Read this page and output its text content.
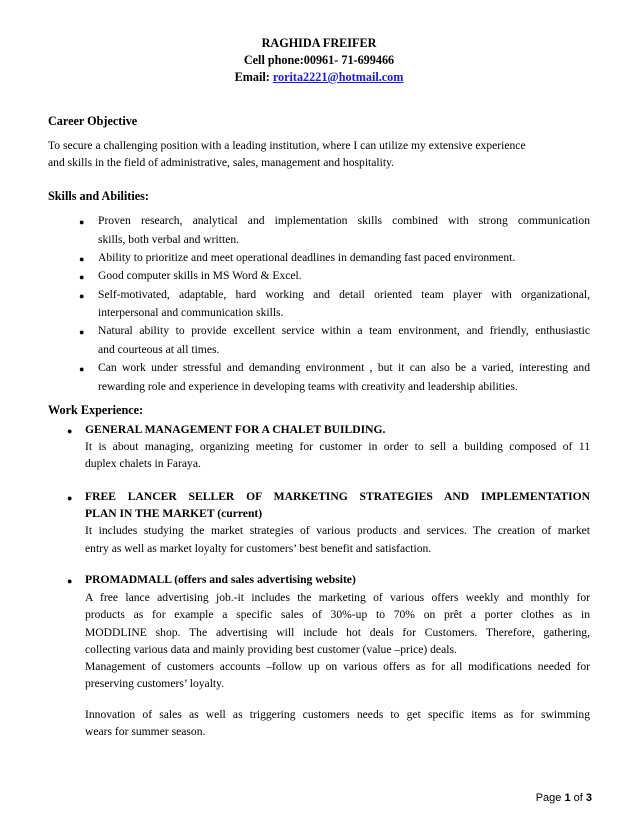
RAGHIDA FREIFER
Cell phone:00961- 71-699466
Email: rorita2221@hotmail.com
Career Objective
To secure a challenging position with a leading institution, where I can utilize my extensive experience
and skills in the field of administrative, sales, management and hospitality.
Skills and Abilities:
● Proven research, analytical and implementation skills combined with strong communication
skills, both verbal and written.
● Ability to prioritize and meet operational deadlines in demanding fast paced environment.
● Good computer skills in MS Word & Excel.
● Self-motivated, adaptable, hard working and detail oriented team player with organizational,
interpersonal and communication skills.
● Natural ability to provide excellent service within a team environment, and friendly, enthusiastic
and courteous at all times.
● Can work under stressful and demanding environment , but it can also be a varied, interesting and
rewarding role and experience in developing teams with creativity and leadership abilities.
Work Experience:
● GENERAL MANAGEMENT FOR A CHALET BUILDING.
It is about managing, organizing meeting for customer in order to sell a building composed of 11
duplex chalets in Faraya.
● FREE LANCER SELLER OF MARKETING STRATEGIES AND IMPLEMENTATION
PLAN IN THE MARKET (current)
It includes studying the market strategies of various products and services. The creation of market
entry as well as market loyalty for customers’ best benefit and satisfaction.
● PROMADMALL (offers and sales advertising website)
A free lance advertising job.-it includes the marketing of various offers weekly and monthly for
products as for example a specific sales of 30%-up to 70% on prêt a porter clothes as in
MODDLINE shop. The advertising will include hot deals for Customers. Therefore, gathering,
collecting various data and mainly providing best customer (value –price) deals.
Management of customers accounts –follow up on various offers as for all modifications needed for
preserving customers’ loyalty.
Innovation of sales as well as triggering customers needs to get specific items as for swimming
wears for summer season.
Page 1 of 3
